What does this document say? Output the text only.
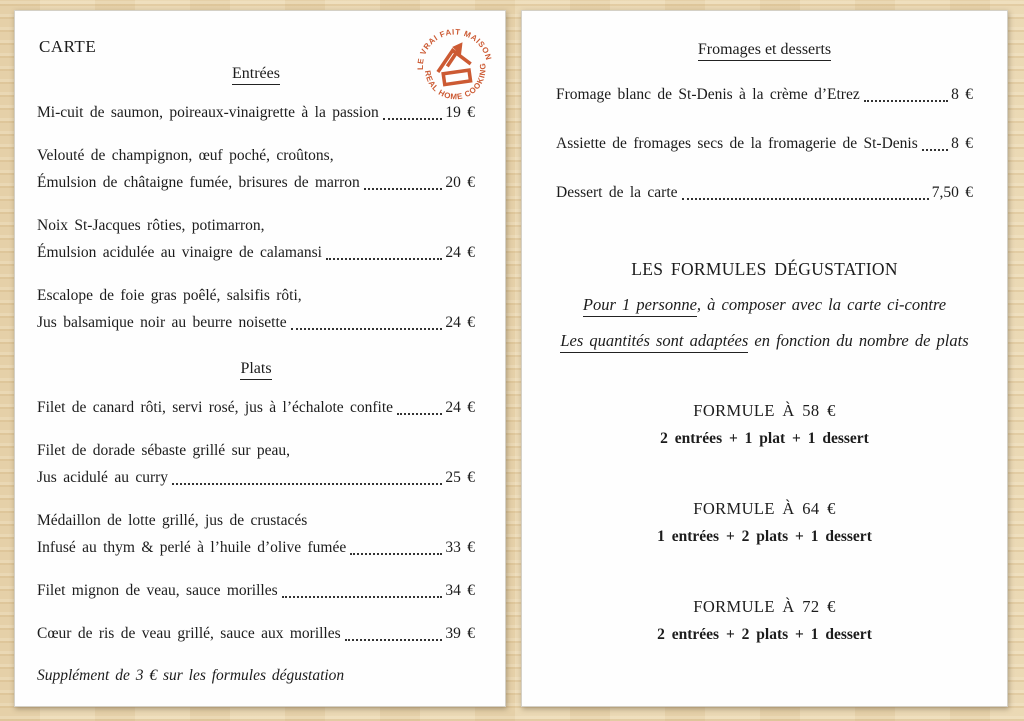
CARTE
LE VRAI FAIT MAISON
REAL HOME COOKING
Entrées
Mi-cuit de saumon, poireaux-vinaigrette à la passion	19 €
Velouté de champignon, œuf poché, croûtons,
Émulsion de châtaigne fumée, brisures de marron	20 €
Noix St-Jacques rôties, potimarron,
Émulsion acidulée au vinaigre de calamansi	24 €
Escalope de foie gras poêlé, salsifis rôti,
Jus balsamique noir au beurre noisette	24 €
Plats
Filet de canard rôti, servi rosé, jus à l’échalote confite	24 €
Filet de dorade sébaste grillé sur peau,
Jus acidulé au curry	25 €
Médaillon de lotte grillé, jus de crustacés
Infusé au thym & perlé à l’huile d’olive fumée	33 €
Filet mignon de veau, sauce morilles	34 €
Cœur de ris de veau grillé, sauce aux morilles	39 €
Supplément de 3 € sur les formules dégustation
Fromages et desserts
Fromage blanc de St-Denis à la crème d’Etrez	8 €
Assiette de fromages secs de la fromagerie de St-Denis 8 €
Dessert de la carte	7,50 €
LES FORMULES DÉGUSTATION
Pour 1 personne, à composer avec la carte ci-contre
Les quantités sont adaptées en fonction du nombre de plats
FORMULE À 58 €
2 entrées + 1 plat + 1 dessert
FORMULE À 64 €
1 entrées + 2 plats + 1 dessert
FORMULE À 72 €
2 entrées + 2 plats + 1 dessert
